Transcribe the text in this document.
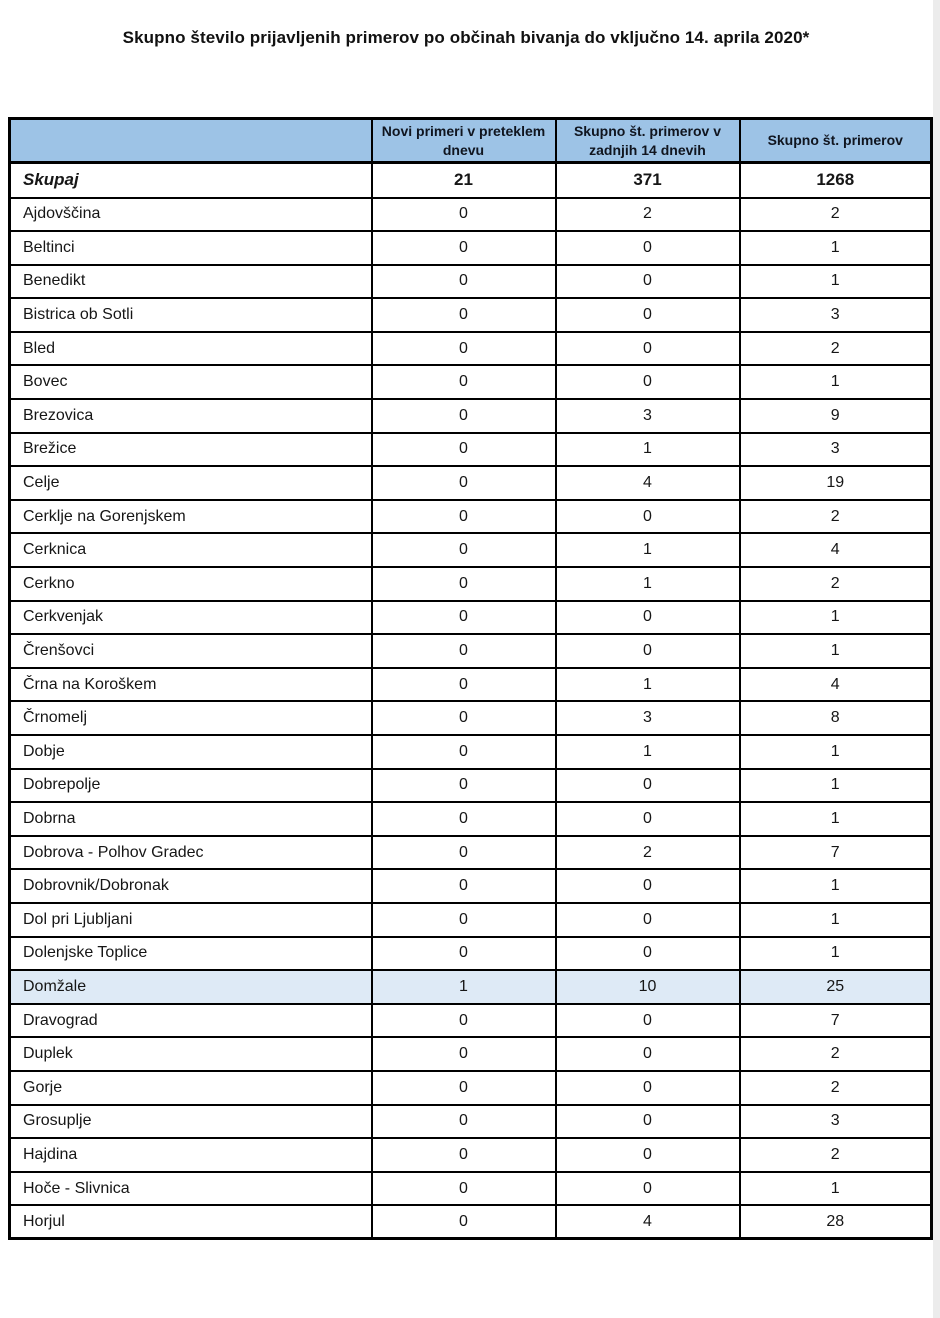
Skupno število prijavljenih primerov po občinah bivanja do vključno 14. aprila 2020*
	Novi primeri v preteklem dnevu	Skupno št. primerov v zadnjih 14 dnevih	Skupno št. primerov
Skupaj	21	371	1268
Ajdovščina	0	2	2
Beltinci	0	0	1
Benedikt	0	0	1
Bistrica ob Sotli	0	0	3
Bled	0	0	2
Bovec	0	0	1
Brezovica	0	3	9
Brežice	0	1	3
Celje	0	4	19
Cerklje na Gorenjskem	0	0	2
Cerknica	0	1	4
Cerkno	0	1	2
Cerkvenjak	0	0	1
Črenšovci	0	0	1
Črna na Koroškem	0	1	4
Črnomelj	0	3	8
Dobje	0	1	1
Dobrepolje	0	0	1
Dobrna	0	0	1
Dobrova - Polhov Gradec	0	2	7
Dobrovnik/Dobronak	0	0	1
Dol pri Ljubljani	0	0	1
Dolenjske Toplice	0	0	1
Domžale	1	10	25
Dravograd	0	0	7
Duplek	0	0	2
Gorje	0	0	2
Grosuplje	0	0	3
Hajdina	0	0	2
Hoče - Slivnica	0	0	1
Horjul	0	4	28
